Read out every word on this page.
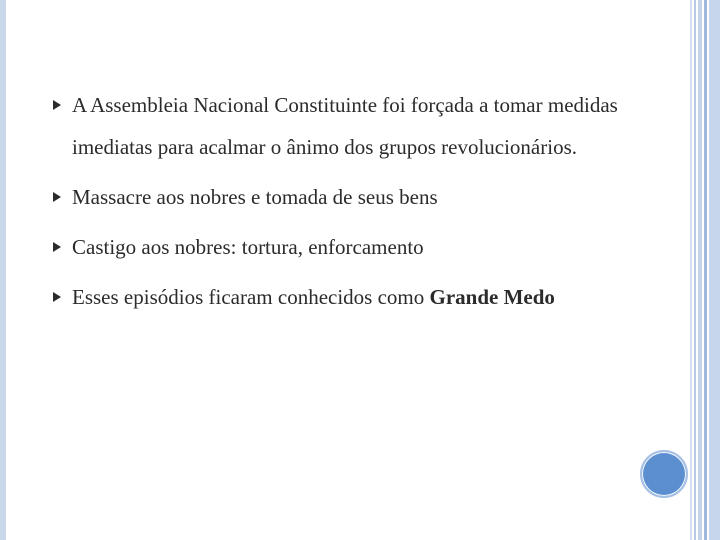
A Assembleia Nacional Constituinte foi forçada a tomar medidas imediatas para acalmar o ânimo dos grupos revolucionários.
Massacre aos nobres e tomada de seus bens
Castigo aos nobres: tortura, enforcamento
Esses episódios ficaram conhecidos como Grande Medo
